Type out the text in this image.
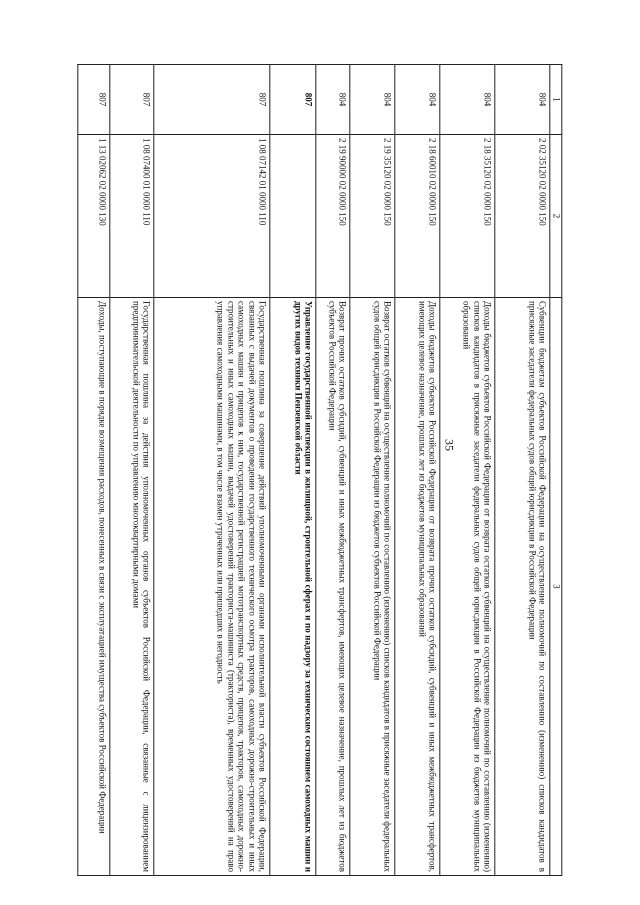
35
1	2	3
804	2 02 35120 02 0000 150	Субвенции бюджетам субъектов Российской Федерации на осуществление полномочий по составлению (изменению) списков кандидатов в присяжные заседатели федеральных судов общей юрисдикции в Российской Федерации
804	2 18 35120 02 0000 150	Доходы бюджетов субъектов Российской Федерации от возврата остатков субвенций на осуществление полномочий по составлению (изменению) списков кандидатов в присяжные заседатели федеральных судов общей юрисдикции в Российской Федерации из бюджетов муниципальных образований
804	2 18 60010 02 0000 150	Доходы бюджетов субъектов Российской Федерации от возврата прочих остатков субсидий, субвенций и иных межбюджетных трансфертов, имеющих целевое назначение, прошлых лет из бюджетов муниципальных образований
804	2 19 35120 02 0000 150	Возврат остатков субвенций на осуществление полномочий по составлению (изменению) списков кандидатов в присяжные заседатели федеральных судов общей юрисдикции в Российской Федерации из бюджетов субъектов Российской Федерации
804	2 19 90000 02 0000 150	Возврат прочих остатков субсидий, субвенций и иных межбюджетных трансфертов, имеющих целевое назначение, прошлых лет из бюджетов субъектов Российской Федерации
807		Управление государственной инспекции в жилищной, строительной сферах и по надзору за техническим состоянием самоходных машин и других видов техники Пензенской области
807	1 08 07142 01 0000 110	Государственная пошлина за совершение действий уполномоченными органами исполнительной власти субъектов Российской Федерации, связанных с выдачей документов о проведении государственного технического осмотра тракторов, самоходных дорожно-строительных и иных самоходных машин и прицепов к ним, государственной регистрацией мототранспортных средств, прицепов, тракторов, самоходных дорожно-строительных и иных самоходных машин, выдачей удостоверений тракториста-машиниста (тракториста), временных удостоверений на право управления самоходными машинами, в том числе взамен утраченных или пришедших в негодность
807	1 08 07400 01 0000 110	Государственная пошлина за действия уполномоченных органов субъектов Российской Федерации, связанные с лицензированием предпринимательской деятельности по управлению многоквартирными домами
807	1 13 02062 02 0000 130	Доходы, поступающие в порядке возмещения расходов, понесенных в связи с эксплуатацией имущества субъектов Российской Федерации
